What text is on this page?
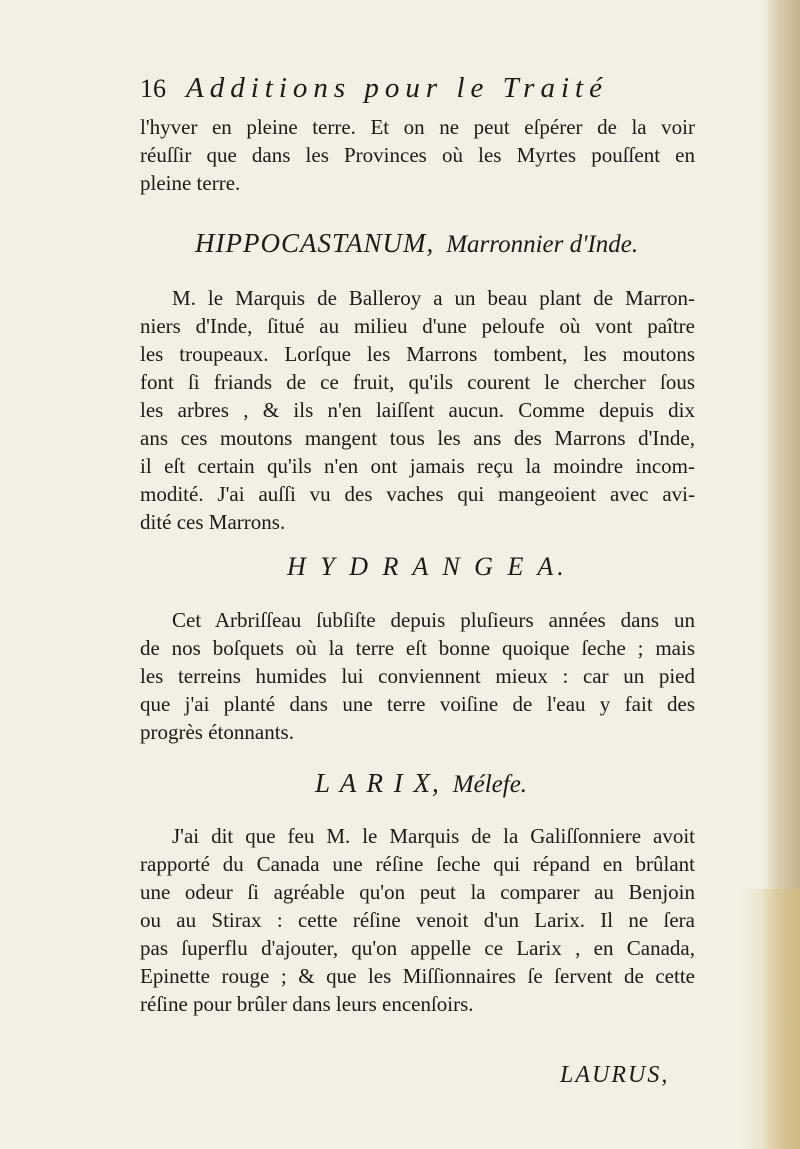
16 Additions pour le Traité
l'hyver en pleine terre. Et on ne peut eſpérer de la voir
réuſſir que dans les Provinces où les Myrtes pouſſent en
pleine terre.
HIPPOCASTANUM, Marronnier d'Inde.
M. le Marquis de Balleroy a un beau plant de Marron-
niers d'Inde, ſitué au milieu d'une peloufe où vont paître
les troupeaux. Lorſque les Marrons tombent, les moutons
font ſi friands de ce fruit, qu'ils courent le chercher ſous
les arbres , & ils n'en laiſſent aucun. Comme depuis dix
ans ces moutons mangent tous les ans des Marrons d'Inde,
il eſt certain qu'ils n'en ont jamais reçu la moindre incom-
modité. J'ai auſſi vu des vaches qui mangeoient avec avi-
dité ces Marrons.
H Y D R A N G E A.
Cet Arbriſſeau ſubſiſte depuis pluſieurs années dans un
de nos boſquets où la terre eſt bonne quoique ſeche ; mais
les terreins humides lui conviennent mieux : car un pied
que j'ai planté dans une terre voiſine de l'eau y fait des
progrès étonnants.
L A R I X, Mélefe.
J'ai dit que feu M. le Marquis de la Galiſſonniere avoit
rapporté du Canada une réſine ſeche qui répand en brûlant
une odeur ſi agréable qu'on peut la comparer au Benjoin
ou au Stirax : cette réſine venoit d'un Larix. Il ne ſera
pas ſuperflu d'ajouter, qu'on appelle ce Larix , en Canada,
Epinette rouge ; & que les Miſſionnaires ſe ſervent de cette
réſine pour brûler dans leurs encenſoirs.
LAURUS,
